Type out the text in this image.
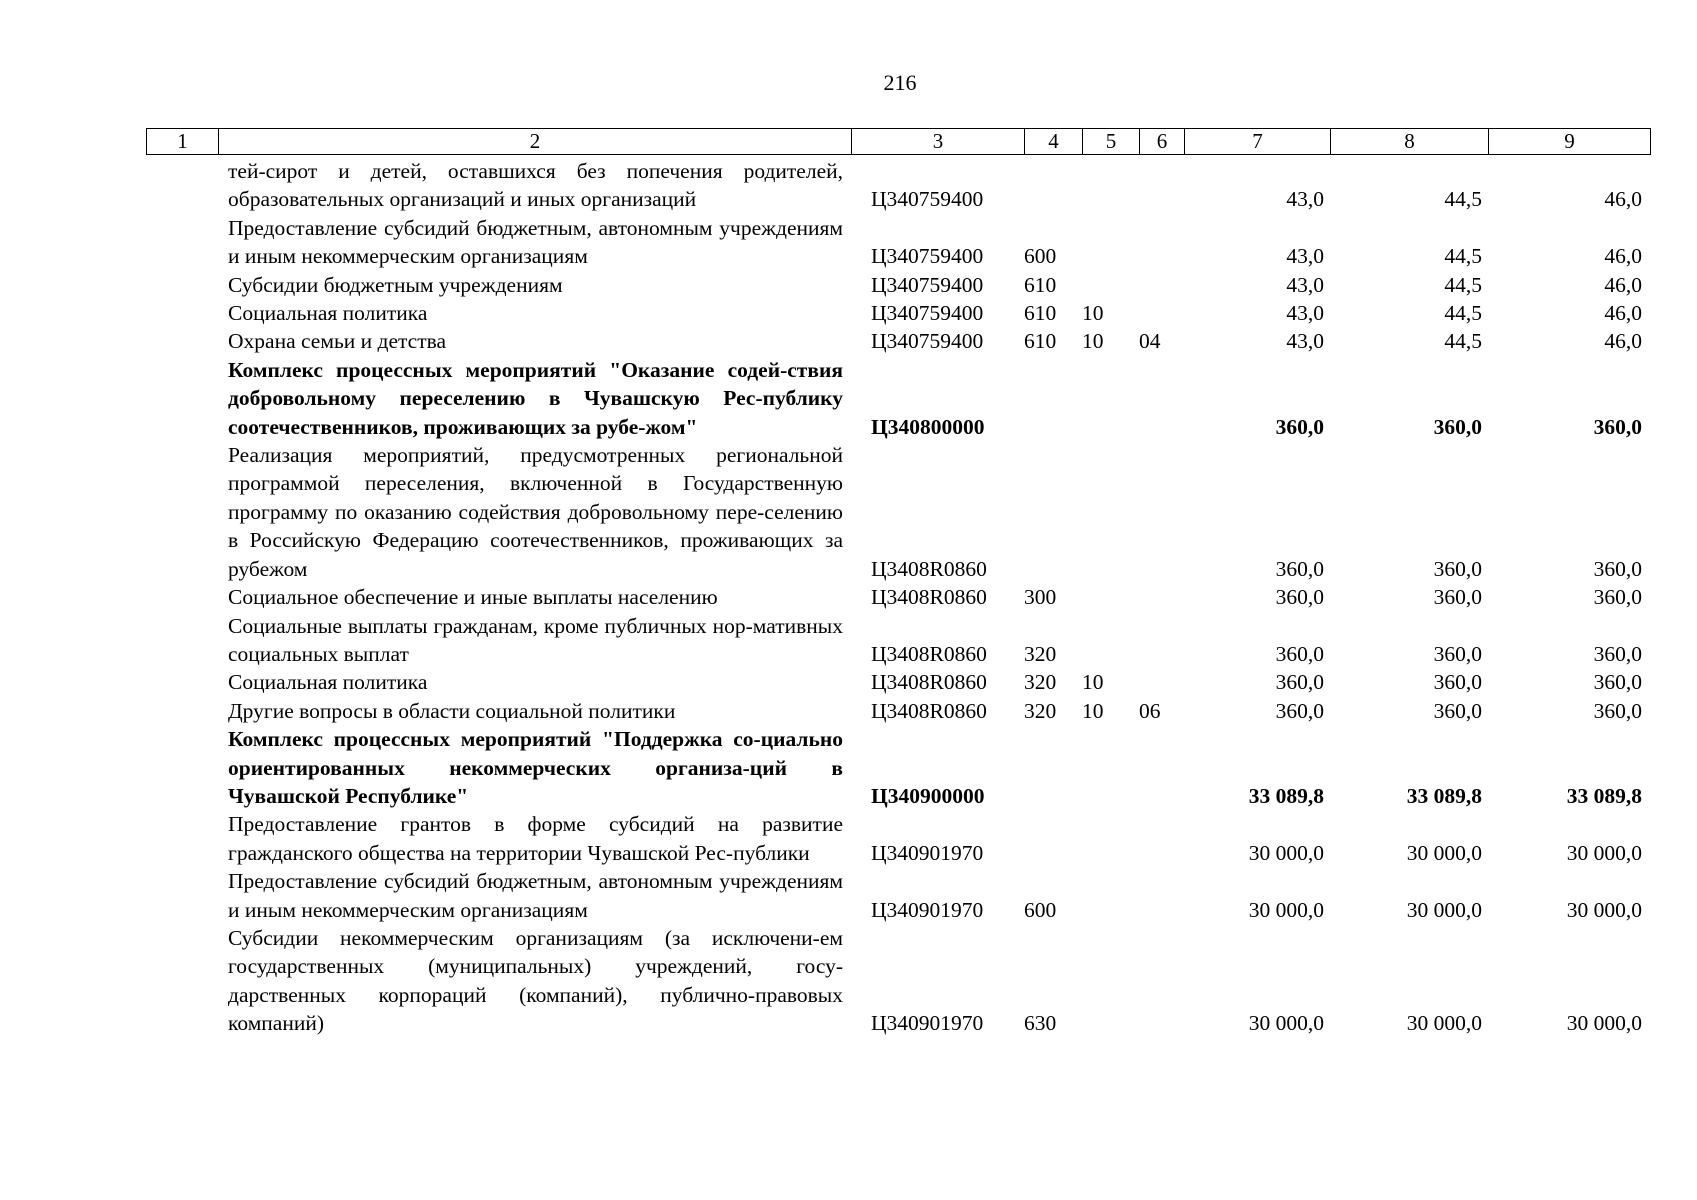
216
1	2	3	4	5	6	7	8	9
	тей-сирот и детей, оставшихся без попечения родителей, образовательных организаций и иных организаций	Ц340759400				43,0	44,5	46,0
	Предоставление субсидий бюджетным, автономным учреждениям и иным некоммерческим организациям	Ц340759400	600			43,0	44,5	46,0
	Субсидии бюджетным учреждениям	Ц340759400	610			43,0	44,5	46,0
	Социальная политика	Ц340759400	610	10		43,0	44,5	46,0
	Охрана семьи и детства	Ц340759400	610	10	04	43,0	44,5	46,0
	Комплекс процессных мероприятий "Оказание содей-ствия добровольному переселению в Чувашскую Рес-публику соотечественников, проживающих за рубе-жом"	Ц340800000				360,0	360,0	360,0
	Реализация мероприятий, предусмотренных региональной программой переселения, включенной в Государственную программу по оказанию содействия добровольному пере-селению в Российскую Федерацию соотечественников, проживающих за рубежом	Ц3408R0860				360,0	360,0	360,0
	Социальное обеспечение и иные выплаты населению	Ц3408R0860	300			360,0	360,0	360,0
	Социальные выплаты гражданам, кроме публичных нор-мативных социальных выплат	Ц3408R0860	320			360,0	360,0	360,0
	Социальная политика	Ц3408R0860	320	10		360,0	360,0	360,0
	Другие вопросы в области социальной политики	Ц3408R0860	320	10	06	360,0	360,0	360,0
	Комплекс процессных мероприятий "Поддержка со-циально ориентированных некоммерческих организа-ций в Чувашской Республике"	Ц340900000				33 089,8	33 089,8	33 089,8
	Предоставление грантов в форме субсидий на развитие гражданского общества на территории Чувашской Рес-публики	Ц340901970				30 000,0	30 000,0	30 000,0
	Предоставление субсидий бюджетным, автономным учреждениям и иным некоммерческим организациям	Ц340901970	600			30 000,0	30 000,0	30 000,0
	Субсидии некоммерческим организациям (за исключени-ем государственных (муниципальных) учреждений, госу-дарственных корпораций (компаний), публично-правовых компаний)	Ц340901970	630			30 000,0	30 000,0	30 000,0
